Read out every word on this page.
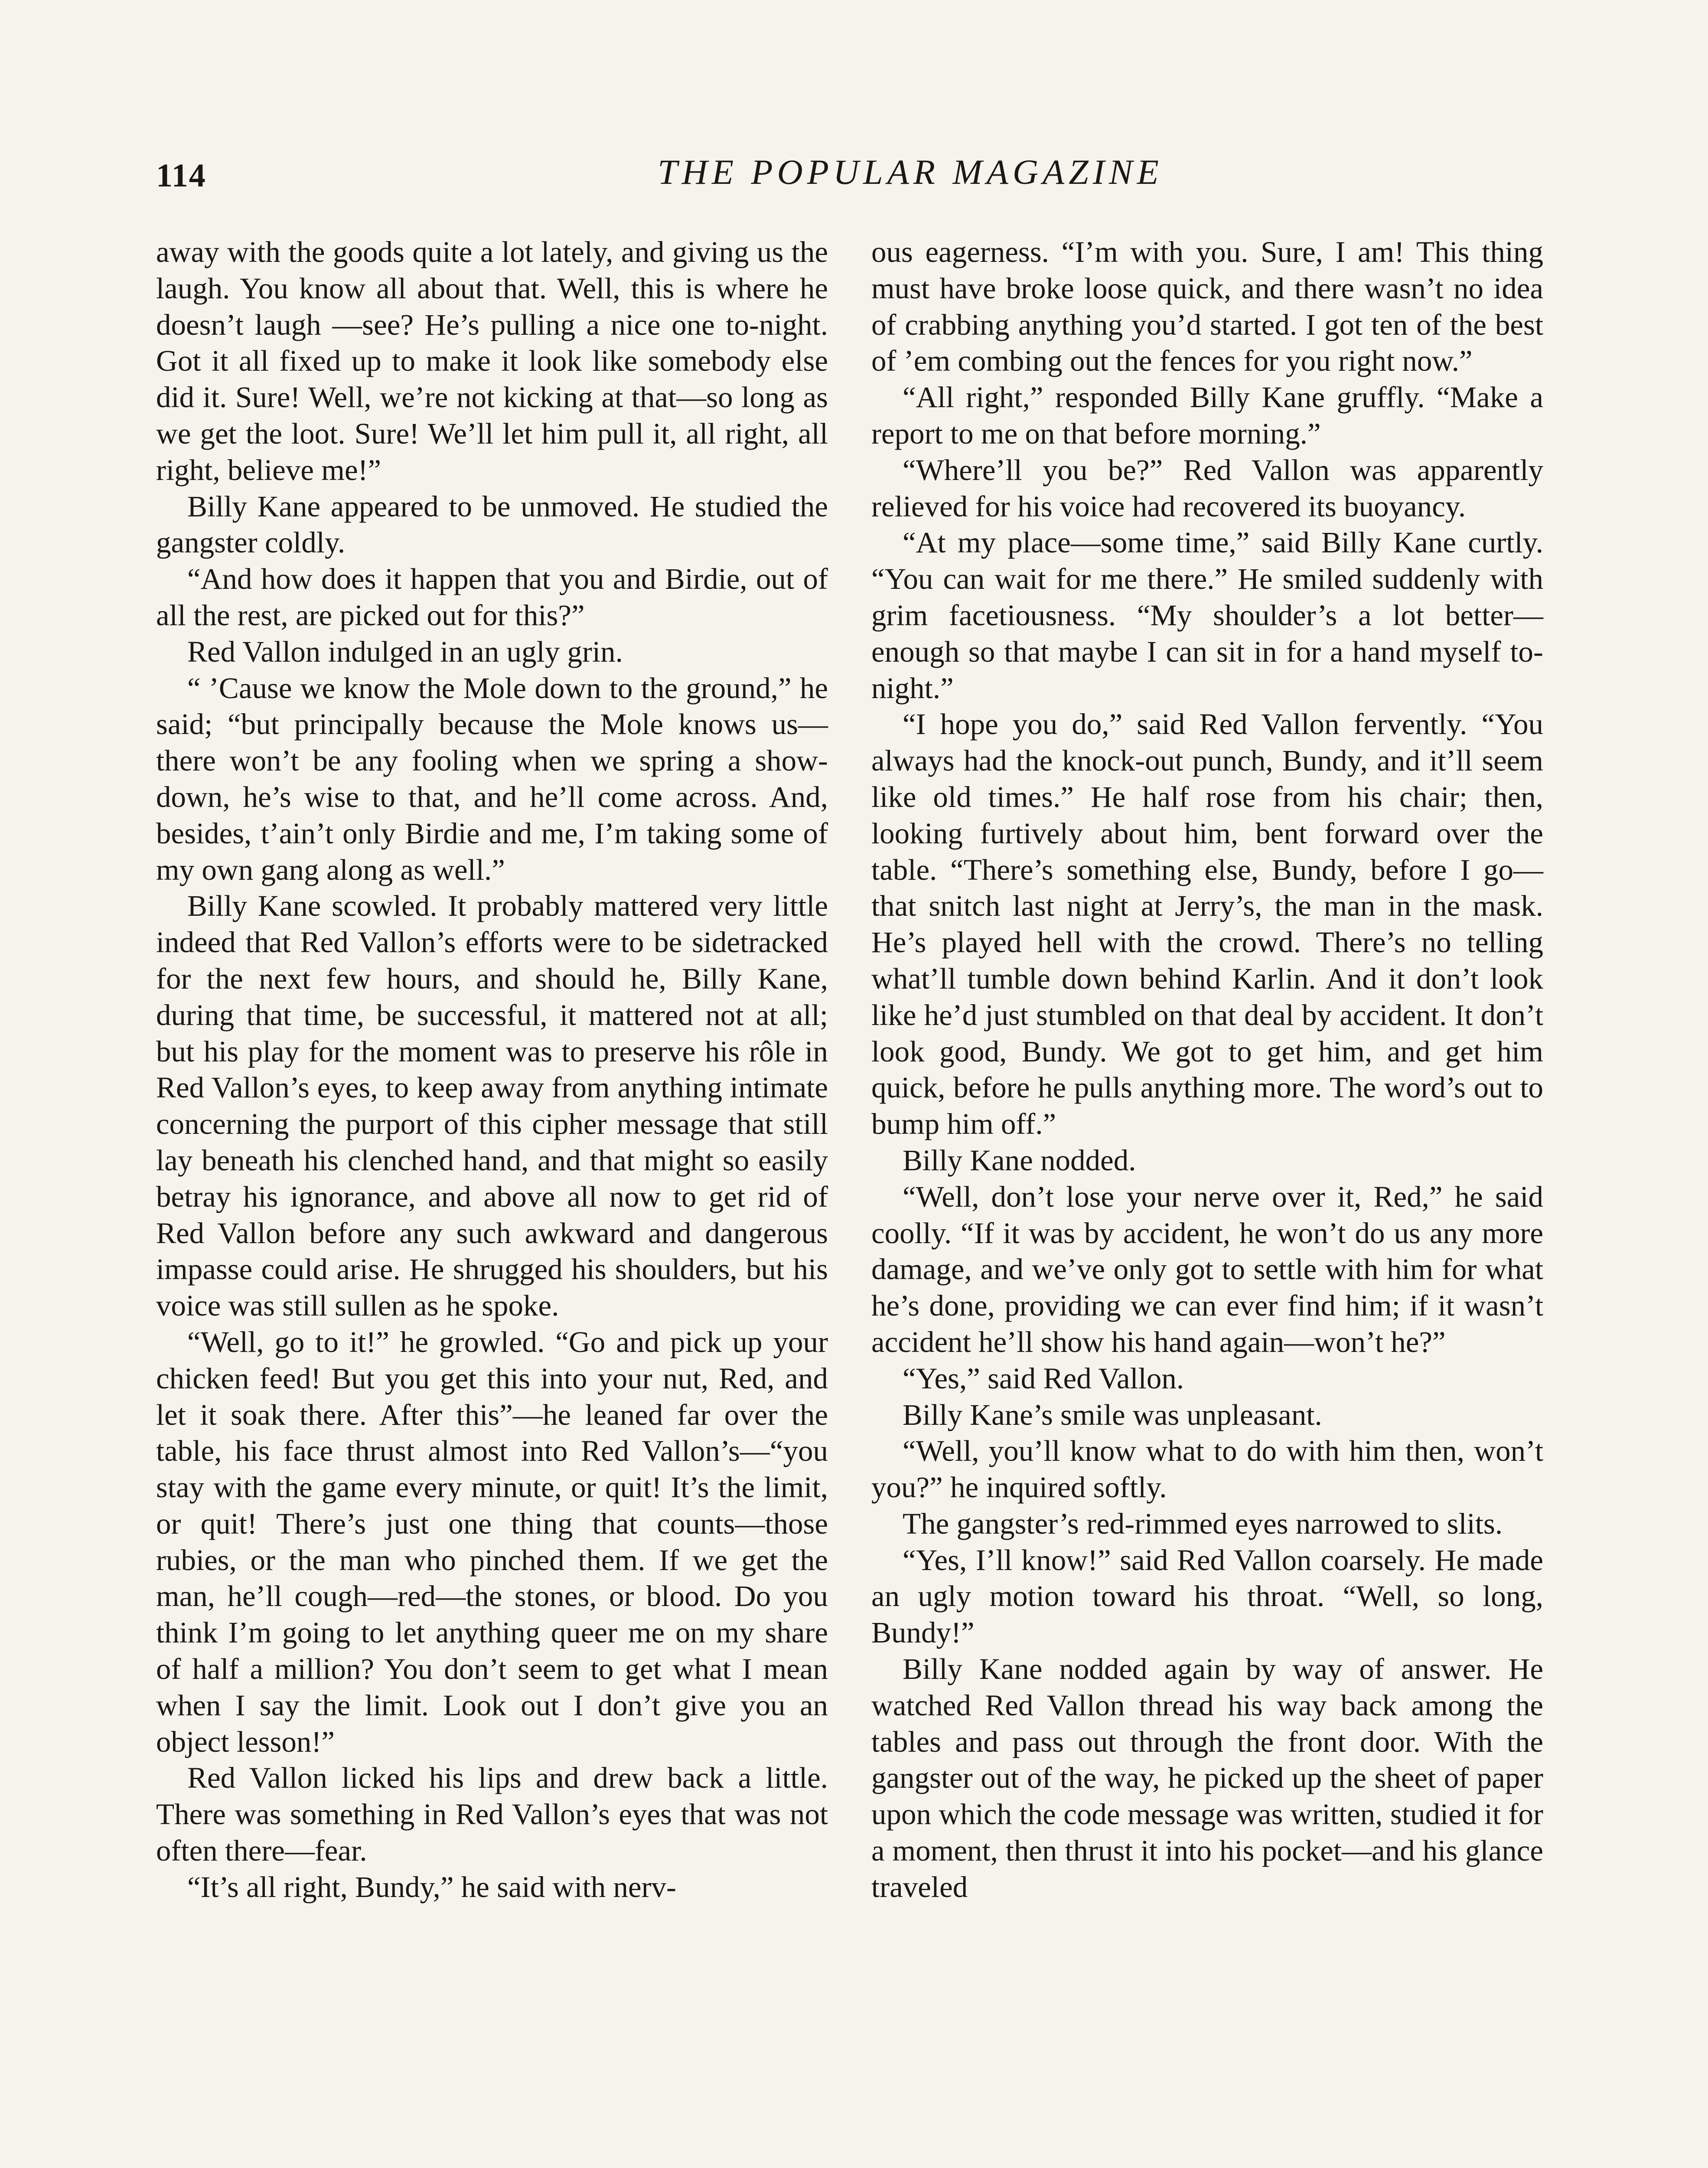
114	THE POPULAR MAGAZINE

away with the goods quite a lot lately, and giving us the laugh. You know all about that. Well, this is where he doesn’t laugh —see? He’s pulling a nice one to-night. Got it all fixed up to make it look like somebody else did it. Sure! Well, we’re not kicking at that—so long as we get the loot. Sure! We’ll let him pull it, all right, all right, believe me!”

Billy Kane appeared to be unmoved. He studied the gangster coldly.

“And how does it happen that you and Birdie, out of all the rest, are picked out for this?”

Red Vallon indulged in an ugly grin.

“ ’Cause we know the Mole down to the ground,” he said; “but principally because the Mole knows us—there won’t be any fooling when we spring a show-down, he’s wise to that, and he’ll come across. And, besides, t’ain’t only Birdie and me, I’m taking some of my own gang along as well.”

Billy Kane scowled. It probably mattered very little indeed that Red Vallon’s efforts were to be sidetracked for the next few hours, and should he, Billy Kane, during that time, be successful, it mattered not at all; but his play for the moment was to preserve his rôle in Red Vallon’s eyes, to keep away from anything intimate concerning the purport of this cipher message that still lay beneath his clenched hand, and that might so easily betray his ignorance, and above all now to get rid of Red Vallon before any such awkward and dangerous impasse could arise. He shrugged his shoulders, but his voice was still sullen as he spoke.

“Well, go to it!” he growled. “Go and pick up your chicken feed! But you get this into your nut, Red, and let it soak there. After this”—he leaned far over the table, his face thrust almost into Red Vallon’s—“you stay with the game every minute, or quit! It’s the limit, or quit! There’s just one thing that counts—those rubies, or the man who pinched them. If we get the man, he’ll cough—red—the stones, or blood. Do you think I’m going to let anything queer me on my share of half a million? You don’t seem to get what I mean when I say the limit. Look out I don’t give you an object lesson!”

Red Vallon licked his lips and drew back a little. There was something in Red Vallon’s eyes that was not often there—fear.

“It’s all right, Bundy,” he said with nerv-

ous eagerness. “I’m with you. Sure, I am! This thing must have broke loose quick, and there wasn’t no idea of crabbing anything you’d started. I got ten of the best of ’em combing out the fences for you right now.”

“All right,” responded Billy Kane gruffly. “Make a report to me on that before morning.”

“Where’ll you be?” Red Vallon was apparently relieved for his voice had recovered its buoyancy.

“At my place—some time,” said Billy Kane curtly. “You can wait for me there.” He smiled suddenly with grim facetiousness. “My shoulder’s a lot better—enough so that maybe I can sit in for a hand myself to-night.”

“I hope you do,” said Red Vallon fervently. “You always had the knock-out punch, Bundy, and it’ll seem like old times.” He half rose from his chair; then, looking furtively about him, bent forward over the table. “There’s something else, Bundy, before I go—that snitch last night at Jerry’s, the man in the mask. He’s played hell with the crowd. There’s no telling what’ll tumble down behind Karlin. And it don’t look like he’d just stumbled on that deal by accident. It don’t look good, Bundy. We got to get him, and get him quick, before he pulls anything more. The word’s out to bump him off.”

Billy Kane nodded.

“Well, don’t lose your nerve over it, Red,” he said coolly. “If it was by accident, he won’t do us any more damage, and we’ve only got to settle with him for what he’s done, providing we can ever find him; if it wasn’t accident he’ll show his hand again—won’t he?”

“Yes,” said Red Vallon.

Billy Kane’s smile was unpleasant.

“Well, you’ll know what to do with him then, won’t you?” he inquired softly.

The gangster’s red-rimmed eyes narrowed to slits.

“Yes, I’ll know!” said Red Vallon coarsely. He made an ugly motion toward his throat. “Well, so long, Bundy!”

Billy Kane nodded again by way of answer. He watched Red Vallon thread his way back among the tables and pass out through the front door. With the gangster out of the way, he picked up the sheet of paper upon which the code message was written, studied it for a moment, then thrust it into his pocket—and his glance traveled
